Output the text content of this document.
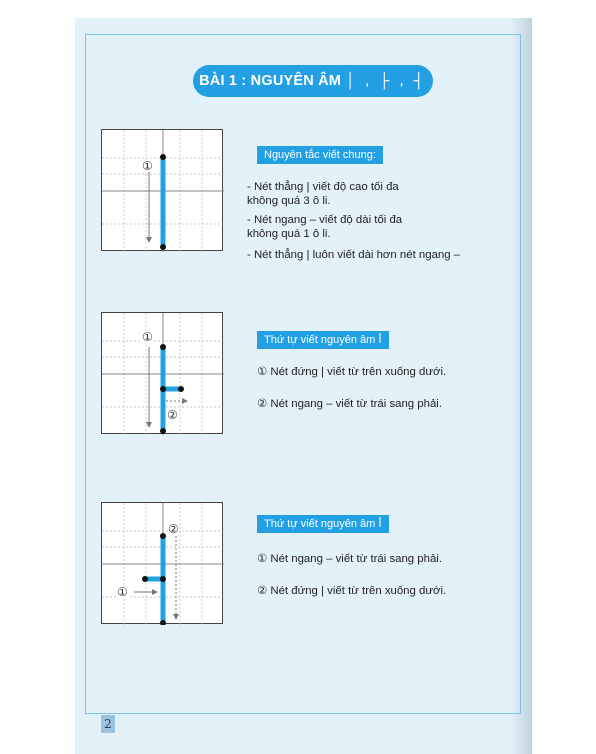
BÀI 1 : NGUYÊN ÂM │ , ├ , ┤
①
Nguyên tắc viết chung:
- Nét thẳng | viết độ cao tối đa
không quá 3 ô li.
- Nét ngang – viết độ dài tối đa
không quá 1 ô li.
- Nét thẳng | luôn viết dài hơn nét ngang –
①
②
Thứ tự viết nguyên âm ꟾ
① Nét đứng | viết từ trên xuống dưới.
② Nét ngang – viết từ trái sang phải.
②
①
Thứ tự viết nguyên âm ꟾ
① Nét ngang – viết từ trái sang phải.
② Nét đứng | viết từ trên xuống dưới.
2
